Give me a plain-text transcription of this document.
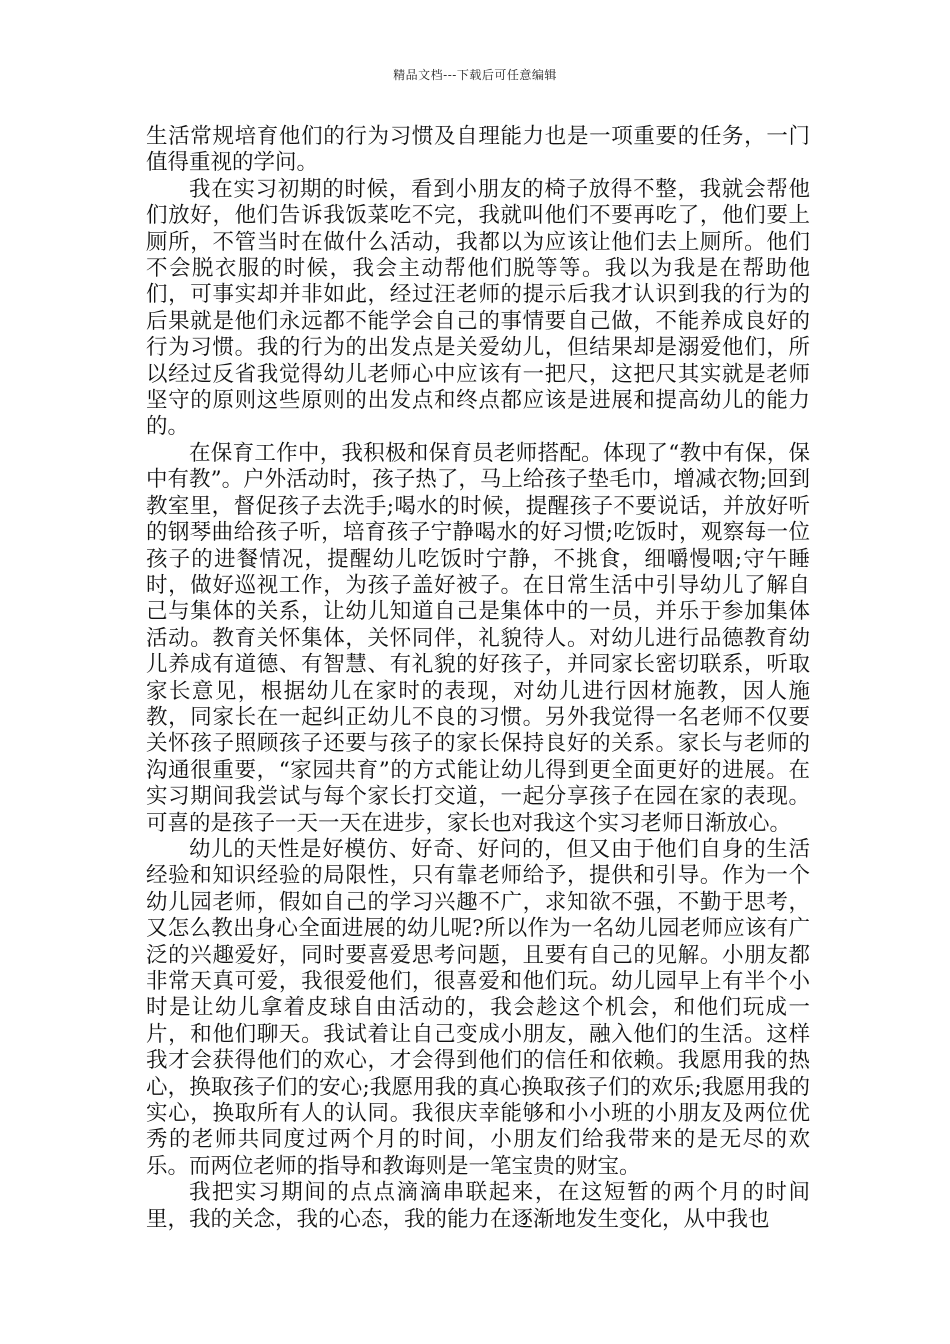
精品文档---下载后可任意编辑

生活常规培育他们的行为习惯及自理能力也是一项重要的任务，一门值得重视的学问。

我在实习初期的时候，看到小朋友的椅子放得不整，我就会帮他们放好，他们告诉我饭菜吃不完，我就叫他们不要再吃了，他们要上厕所，不管当时在做什么活动，我都以为应该让他们去上厕所。他们不会脱衣服的时候，我会主动帮他们脱等等。我以为我是在帮助他们，可事实却并非如此，经过汪老师的提示后我才认识到我的行为的后果就是他们永远都不能学会自己的事情要自己做，不能养成良好的行为习惯。我的行为的出发点是关爱幼儿，但结果却是溺爱他们，所以经过反省我觉得幼儿老师心中应该有一把尺，这把尺其实就是老师坚守的原则这些原则的出发点和终点都应该是进展和提高幼儿的能力的。

在保育工作中，我积极和保育员老师搭配。体现了“教中有保，保中有教”。户外活动时，孩子热了，马上给孩子垫毛巾，增减衣物;回到教室里，督促孩子去洗手;喝水的时候，提醒孩子不要说话，并放好听的钢琴曲给孩子听，培育孩子宁静喝水的好习惯;吃饭时，观察每一位孩子的进餐情况，提醒幼儿吃饭时宁静，不挑食，细嚼慢咽;守午睡时，做好巡视工作，为孩子盖好被子。在日常生活中引导幼儿了解自己与集体的关系，让幼儿知道自己是集体中的一员，并乐于参加集体活动。教育关怀集体，关怀同伴，礼貌待人。对幼儿进行品德教育幼儿养成有道德、有智慧、有礼貌的好孩子，并同家长密切联系，听取家长意见，根据幼儿在家时的表现，对幼儿进行因材施教，因人施教，同家长在一起纠正幼儿不良的习惯。另外我觉得一名老师不仅要关怀孩子照顾孩子还要与孩子的家长保持良好的关系。家长与老师的沟通很重要，“家园共育”的方式能让幼儿得到更全面更好的进展。在实习期间我尝试与每个家长打交道，一起分享孩子在园在家的表现。可喜的是孩子一天一天在进步，家长也对我这个实习老师日渐放心。

幼儿的天性是好模仿、好奇、好问的，但又由于他们自身的生活经验和知识经验的局限性，只有靠老师给予，提供和引导。作为一个幼儿园老师，假如自己的学习兴趣不广，求知欲不强，不勤于思考，又怎么教出身心全面进展的幼儿呢?所以作为一名幼儿园老师应该有广泛的兴趣爱好，同时要喜爱思考问题，且要有自己的见解。小朋友都非常天真可爱，我很爱他们，很喜爱和他们玩。幼儿园早上有半个小时是让幼儿拿着皮球自由活动的，我会趁这个机会，和他们玩成一片，和他们聊天。我试着让自己变成小朋友，融入他们的生活。这样我才会获得他们的欢心，才会得到他们的信任和依赖。我愿用我的热心，换取孩子们的安心;我愿用我的真心换取孩子们的欢乐;我愿用我的实心，换取所有人的认同。我很庆幸能够和小小班的小朋友及两位优秀的老师共同度过两个月的时间，小朋友们给我带来的是无尽的欢乐。而两位老师的指导和教诲则是一笔宝贵的财宝。

我把实习期间的点点滴滴串联起来，在这短暂的两个月的时间里，我的关念，我的心态，我的能力在逐渐地发生变化，从中我也
